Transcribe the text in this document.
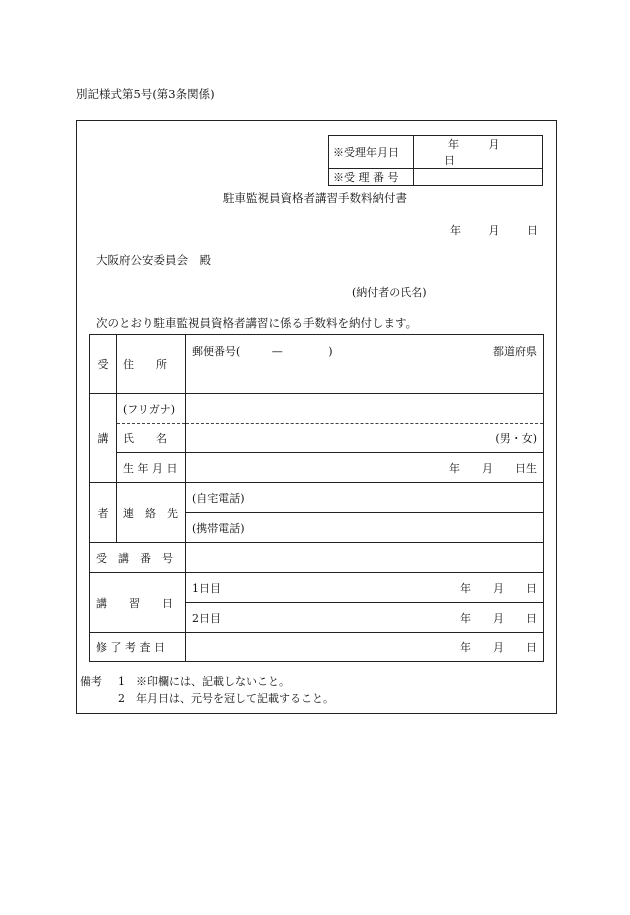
別記様式第5号(第3条関係)
※受理年月日	年 月 日
※受 理 番 号	
駐車監視員資格者講習手数料納付書
年 月 日
大阪府公安委員会　殿
(納付者の氏名)
次のとおり駐車監視員資格者講習に係る手数料を納付します。
受	住　　所	郵便番号( — ) 都道府県

講	(フリガナ)	
	氏　　名	(男・女)
	生 年 月 日	年　　月　　日生
者	連　絡　先	(自宅電話)
		(携帯電話)
受　講　番　号		
講　　習　　日		1日目 年　　月　　日

		2日目 年　　月　　日

修 了 考 査 日		年　　月　　日
備考 1　※印欄には、記載しないこと。
2　年月日は、元号を冠して記載すること。
